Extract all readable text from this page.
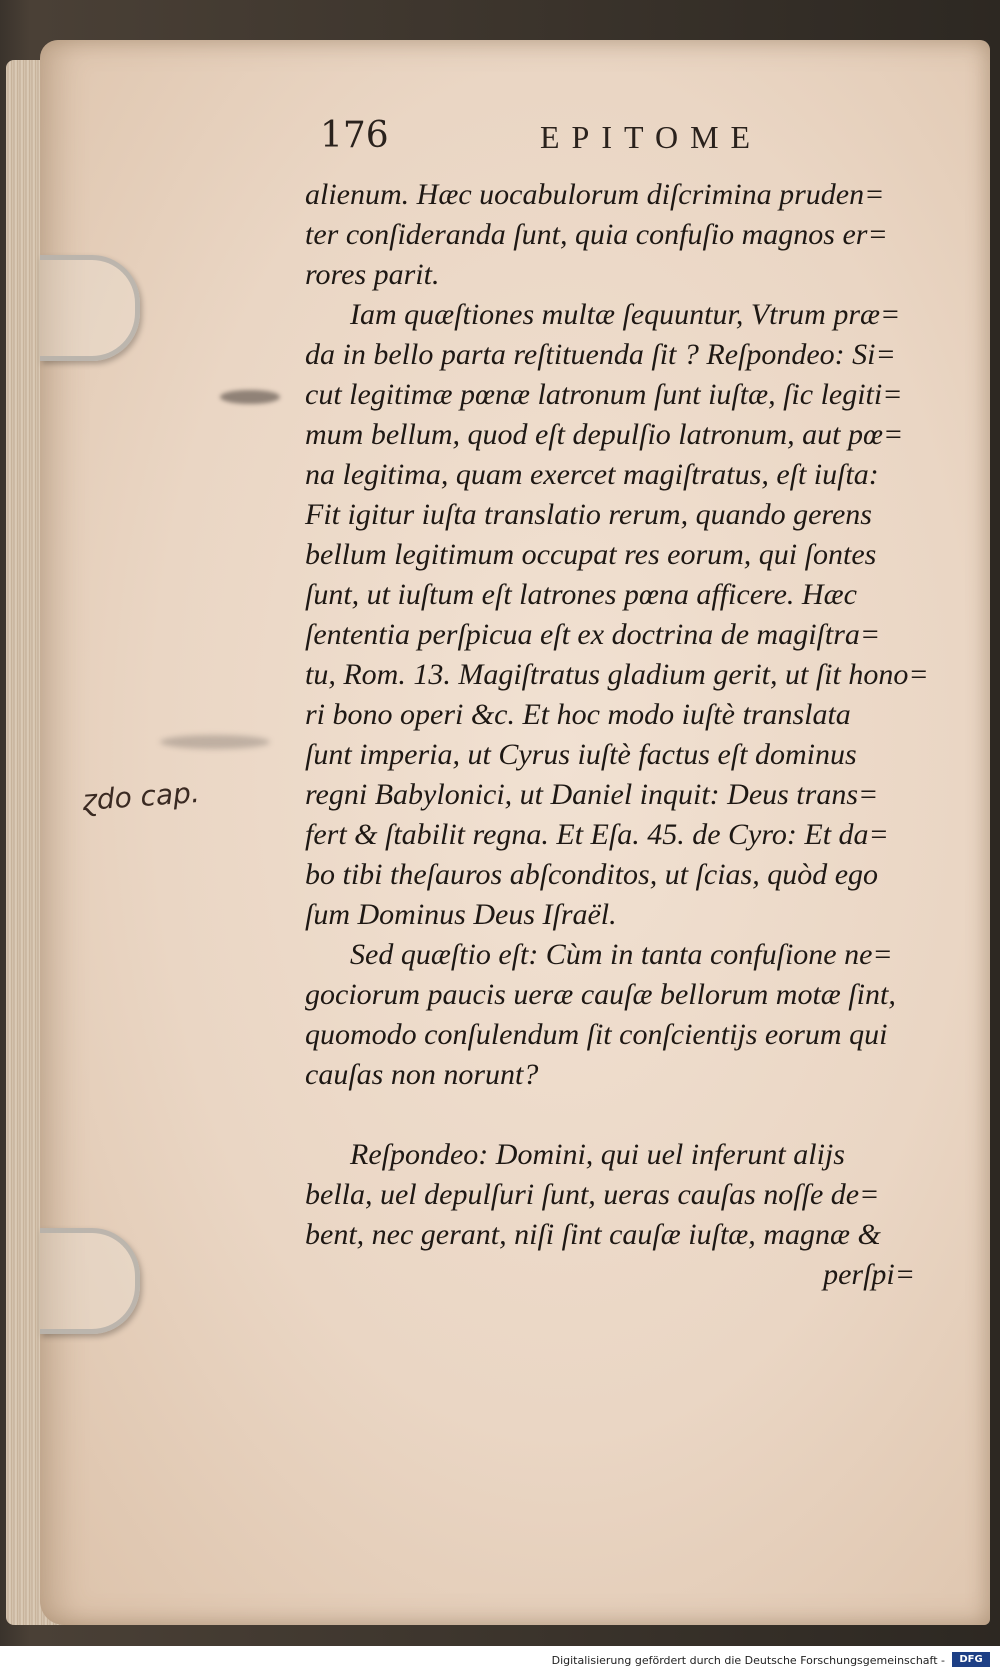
176	EPITOME
alienum. Hæc uocabulorum diſcrimina pruden=
ter conſideranda ſunt, quia confuſio magnos er=
rores parit.
Iam quæſtiones multæ ſequuntur, Vtrum præ=
da in bello parta reſtituenda ſit ? Reſpondeo: Si=
cut legitimæ pœnæ latronum ſunt iuſtæ, ſic legiti=
mum bellum, quod eſt depulſio latronum, aut pœ=
na legitima, quam exercet magiſtratus, eſt iuſta:
Fit igitur iuſta translatio rerum, quando gerens
bellum legitimum occupat res eorum, qui ſontes
ſunt, ut iuſtum eſt latrones pœna afficere. Hæc
ſententia perſpicua eſt ex doctrina de magiſtra=
tu, Rom. 13. Magiſtratus gladium gerit, ut ſit hono=
ri bono operi &c. Et hoc modo iuſtè translata
ſunt imperia, ut Cyrus iuſtè factus eſt dominus
regni Babylonici, ut Daniel inquit: Deus trans=
fert & ſtabilit regna. Et Eſa. 45. de Cyro: Et da=
bo tibi theſauros abſconditos, ut ſcias, quòd ego
ſum Dominus Deus Iſraël.
Sed quæſtio eſt: Cùm in tanta confuſione ne=
gociorum paucis ueræ cauſæ bellorum motæ ſint,
quomodo conſulendum ſit conſcientijs eorum qui
cauſas non norunt?
Reſpondeo: Domini, qui uel inferunt alijs
bella, uel depulſuri ſunt, ueras cauſas noſſe de=
bent, nec gerant, niſi ſint cauſæ iuſtæ, magnæ &
perſpi=
ɀdo cap.
Digitalisierung gefördert durch die Deutsche Forschungsgemeinschaft -	DFG
